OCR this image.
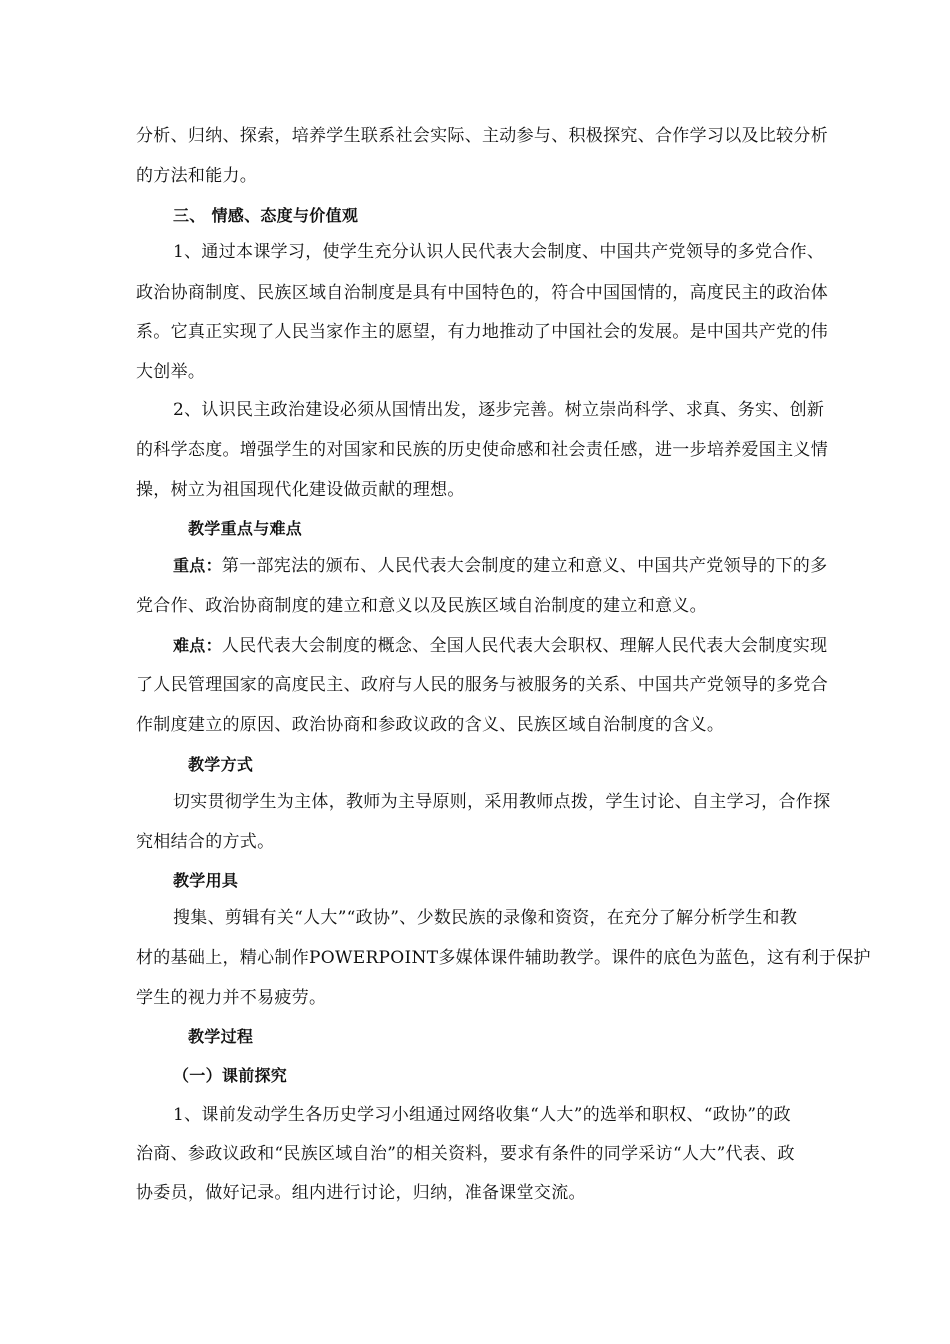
分析、归纳、探索，培养学生联系社会实际、主动参与、积极探究、合作学习以及比较分析
的方法和能力。
三、 情感、态度与价值观
1、通过本课学习，使学生充分认识人民代表大会制度、中国共产党领导的多党合作、
政治协商制度、民族区域自治制度是具有中国特色的，符合中国国情的，高度民主的政治体
系。它真正实现了人民当家作主的愿望，有力地推动了中国社会的发展。是中国共产党的伟
大创举。
2、认识民主政治建设必须从国情出发，逐步完善。树立崇尚科学、求真、务实、创新
的科学态度。增强学生的对国家和民族的历史使命感和社会责任感，进一步培养爱国主义情
操，树立为祖国现代化建设做贡献的理想。
教学重点与难点
重点：第一部宪法的颁布、人民代表大会制度的建立和意义、中国共产党领导的下的多
党合作、政治协商制度的建立和意义以及民族区域自治制度的建立和意义。
难点：人民代表大会制度的概念、全国人民代表大会职权、理解人民代表大会制度实现
了人民管理国家的高度民主、政府与人民的服务与被服务的关系、中国共产党领导的多党合
作制度建立的原因、政治协商和参政议政的含义、民族区域自治制度的含义。
教学方式
切实贯彻学生为主体，教师为主导原则，采用教师点拨，学生讨论、自主学习，合作探
究相结合的方式。
教学用具
搜集、剪辑有关“人大”“政协”、少数民族的录像和资资，在充分了解分析学生和教
材的基础上，精心制作POWERPOINT多媒体课件辅助教学。课件的底色为蓝色，这有利于保护
学生的视力并不易疲劳。
教学过程
（一）课前探究
1、课前发动学生各历史学习小组通过网络收集“人大”的选举和职权、“政协”的政
治商、参政议政和“民族区域自治”的相关资料，要求有条件的同学采访“人大”代表、政
协委员，做好记录。组内进行讨论，归纳，准备课堂交流。
